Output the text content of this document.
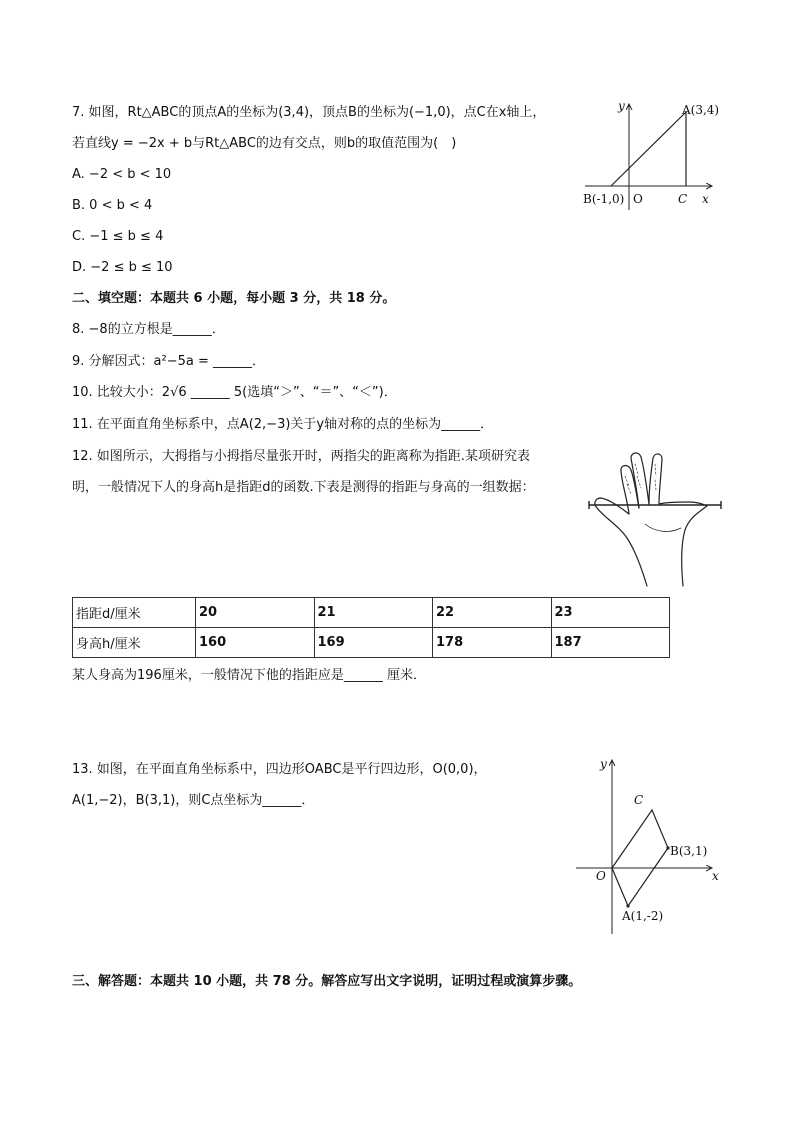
7. 如图，Rt△ABC的顶点A的坐标为(3,4)，顶点B的坐标为(−1,0)，点C在x轴上，
若直线y = −2x + b与Rt△ABC的边有交点，则b的取值范围为(　)
A. −2 < b < 10
B. 0 < b < 4
C. −1 ≤ b ≤ 4
D. −2 ≤ b ≤ 10
y	A(3,4)
B(-1,0) O	C x
二、填空题：本题共 6 小题，每小题 3 分，共 18 分。
8. −8的立方根是______．
9. 分解因式：a²−5a = ______．
10. 比较大小：2√6 ______ 5(选填“＞”、“＝”、“＜”)．
11. 在平面直角坐标系中，点A(2,−3)关于y轴对称的点的坐标为______．
12. 如图所示，大拇指与小拇指尽量张开时，两指尖的距离称为指距.某项研究表
明，一般情况下人的身高h是指距d的函数.下表是测得的指距与身高的一组数据：
指距d/厘米	20	21	22	23
身高h/厘米	160	169	178	187
某人身高为196厘米，一般情况下他的指距应是______ 厘米．
13. 如图，在平面直角坐标系中，四边形OABC是平行四边形，O(0,0)，
A(1,−2)，B(3,1)，则C点坐标为______．
y
C
B(3,1)
O	x
A(1,-2)
三、解答题：本题共 10 小题，共 78 分。解答应写出文字说明，证明过程或演算步骤。
